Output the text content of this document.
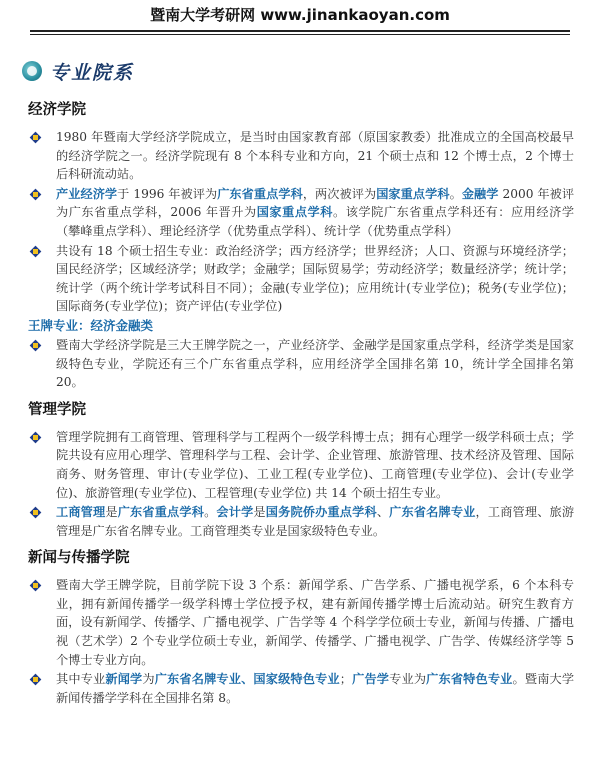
暨南大学考研网 www.jinankaoyan.com
专业院系
经济学院
1980 年暨南大学经济学院成立，是当时由国家教育部（原国家教委）批准成立的全国高校最早的经济学院之一。经济学院现有 8 个本科专业和方向，21 个硕士点和 12 个博士点，2 个博士后科研流动站。
产业经济学于 1996 年被评为广东省重点学科，两次被评为国家重点学科。金融学 2000 年被评为广东省重点学科，2006 年晋升为国家重点学科。该学院广东省重点学科还有：应用经济学（攀峰重点学科）、理论经济学（优势重点学科）、统计学（优势重点学科）
共设有 18 个硕士招生专业：政治经济学；西方经济学；世界经济；人口、资源与环境经济学；国民经济学；区域经济学；财政学；金融学；国际贸易学；劳动经济学；数量经济学；统计学；统计学（两个统计学考试科目不同）；金融(专业学位)；应用统计(专业学位)；税务(专业学位)；国际商务(专业学位)；资产评估(专业学位)
王牌专业：经济金融类
暨南大学经济学院是三大王牌学院之一，产业经济学、金融学是国家重点学科，经济学类是国家级特色专业，学院还有三个广东省重点学科，应用经济学全国排名第 10，统计学全国排名第 20。
管理学院
管理学院拥有工商管理、管理科学与工程两个一级学科博士点；拥有心理学一级学科硕士点；学院共设有应用心理学、管理科学与工程、会计学、企业管理、旅游管理、技术经济及管理、国际商务、财务管理、审计(专业学位)、工业工程(专业学位)、工商管理(专业学位)、会计(专业学位)、旅游管理(专业学位)、工程管理(专业学位) 共 14 个硕士招生专业。
工商管理是广东省重点学科。会计学是国务院侨办重点学科、广东省名牌专业，工商管理、旅游管理是广东省名牌专业。工商管理类专业是国家级特色专业。
新闻与传播学院
暨南大学王牌学院，目前学院下设 3 个系：新闻学系、广告学系、广播电视学系，6 个本科专业，拥有新闻传播学一级学科博士学位授予权，建有新闻传播学博士后流动站。研究生教育方面，设有新闻学、传播学、广播电视学、广告学等 4 个科学学位硕士专业，新闻与传播、广播电视（艺术学）2 个专业学位硕士专业，新闻学、传播学、广播电视学、广告学、传媒经济学等 5 个博士专业方向。
其中专业新闻学为广东省名牌专业、国家级特色专业；广告学专业为广东省特色专业。暨南大学新闻传播学学科在全国排名第 8。
